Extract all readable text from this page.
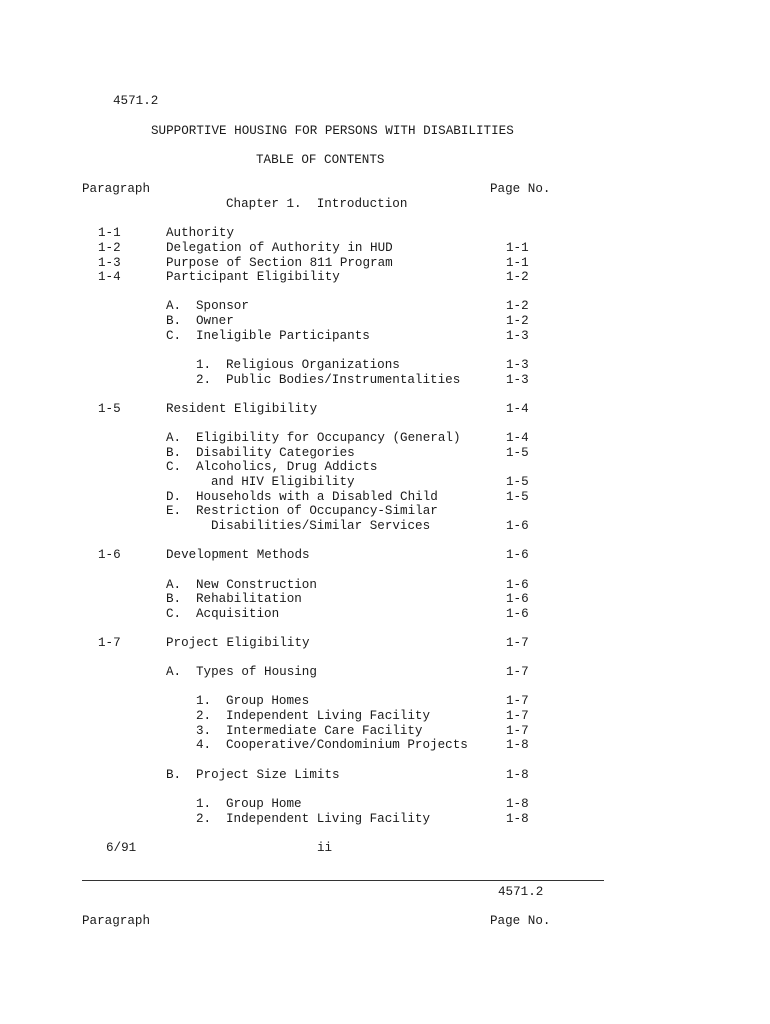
4571.2
SUPPORTIVE HOUSING FOR PERSONS WITH DISABILITIES
TABLE OF CONTENTS
Paragraph	Page No.
Chapter 1.  Introduction
1-1	Authority
1-2	Delegation of Authority in HUD	1-1
1-3	Purpose of Section 811 Program	1-1
1-4	Participant Eligibility	1-2
A. Sponsor	1-2
B. Owner	1-2
C. Ineligible Participants	1-3
1. Religious Organizations	1-3
2. Public Bodies/Instrumentalities	1-3
1-5	Resident Eligibility	1-4
A. Eligibility for Occupancy (General)	1-4
B. Disability Categories	1-5
C. Alcoholics, Drug Addicts
and HIV Eligibility	1-5
D. Households with a Disabled Child	1-5
E. Restriction of Occupancy-Similar
Disabilities/Similar Services	1-6
1-6	Development Methods	1-6
A. New Construction	1-6
B. Rehabilitation	1-6
C. Acquisition	1-6
1-7	Project Eligibility	1-7
A. Types of Housing	1-7
1. Group Homes	1-7
2. Independent Living Facility	1-7
3. Intermediate Care Facility	1-7
4. Cooperative/Condominium Projects	1-8
B. Project Size Limits	1-8
1. Group Home	1-8
2. Independent Living Facility	1-8
6/91	ii
4571.2
Paragraph	Page No.
